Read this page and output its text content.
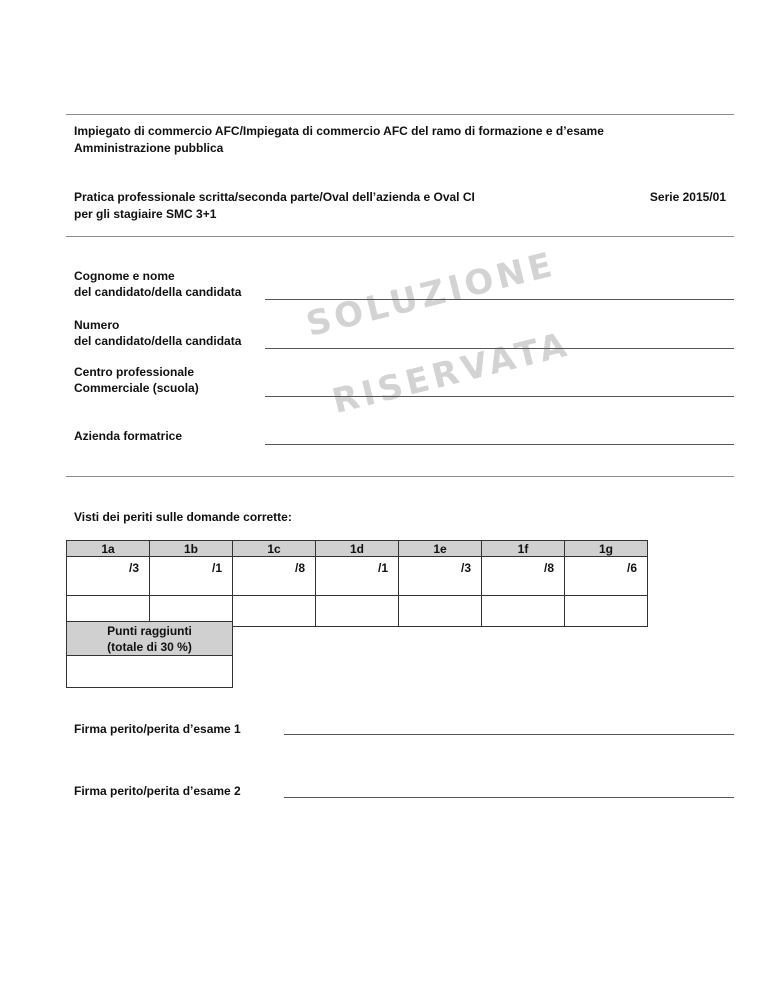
Impiegato di commercio AFC/Impiegata di commercio AFC del ramo di formazione e d’esame
Amministrazione pubblica
Pratica professionale scritta/seconda parte/Oval dell’azienda e Oval CI
per gli stagiaire SMC 3+1
Serie 2015/01
SOLUZIONE
RISERVATA
Cognome e nome
del candidato/della candidata
Numero
del candidato/della candidata
Centro professionale
Commerciale (scuola)
Azienda formatrice
Visti dei periti sulle domande corrette:
1a	1b	1c	1d	1e	1f	1g
/3	/1	/8	/1	/3	/8	/6

Punti raggiunti
(totale di 30 %)

Firma perito/perita d’esame 1
Firma perito/perita d’esame 2
